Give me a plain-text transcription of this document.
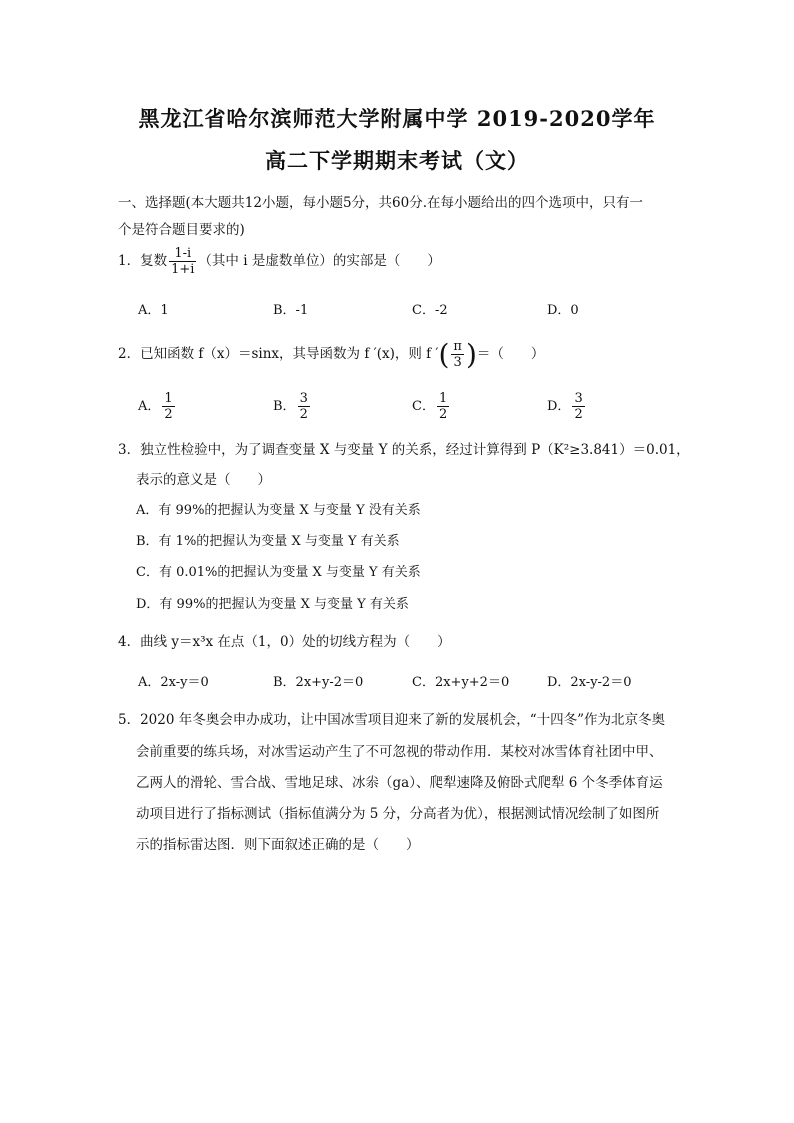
黑龙江省哈尔滨师范大学附属中学 2019-2020学年
高二下学期期末考试（文）
一、选择题(本大题共12小题，每小题5分，共60分.在每小题给出的四个选项中，只有一
个是符合题目要求的)
1．复数 $\frac{1-i}{1+i}$ （其中 i 是虚数单位）的实部是（　　）
A．1	B．-1	C．-2	D．0
2．已知函数 f（x）＝sinx，其导函数为 f ′(x)，则 f ′( $\frac{\pi}{3}$ )＝（　　）
A． $\frac{1}{2}$	B． $\frac{3}{2}$	C． $\frac{1}{2}$	D． $\frac{3}{2}$
3．独立性检验中，为了调查变量 X 与变量 Y 的关系，经过计算得到 P（K²≥3.841）＝0.01，
表示的意义是（　　）
A．有 99%的把握认为变量 X 与变量 Y 没有关系
B．有 1%的把握认为变量 X 与变量 Y 有关系
C．有 0.01%的把握认为变量 X 与变量 Y 有关系
D．有 99%的把握认为变量 X 与变量 Y 有关系
4．曲线 y＝x³x 在点（1，0）处的切线方程为（　　）
A．2x-y＝0	B．2x+y-2＝0	C．2x+y+2＝0	D．2x-y-2＝0
5．2020 年冬奥会申办成功，让中国冰雪项目迎来了新的发展机会，“十四冬”作为北京冬奥
会前重要的练兵场，对冰雪运动产生了不可忽视的带动作用．某校对冰雪体育社团中甲、
乙两人的滑轮、雪合战、雪地足球、冰尜（ga）、爬犁速降及俯卧式爬犁 6 个冬季体育运
动项目进行了指标测试（指标值满分为 5 分，分高者为优），根据测试情况绘制了如图所
示的指标雷达图．则下面叙述正确的是（　　）
